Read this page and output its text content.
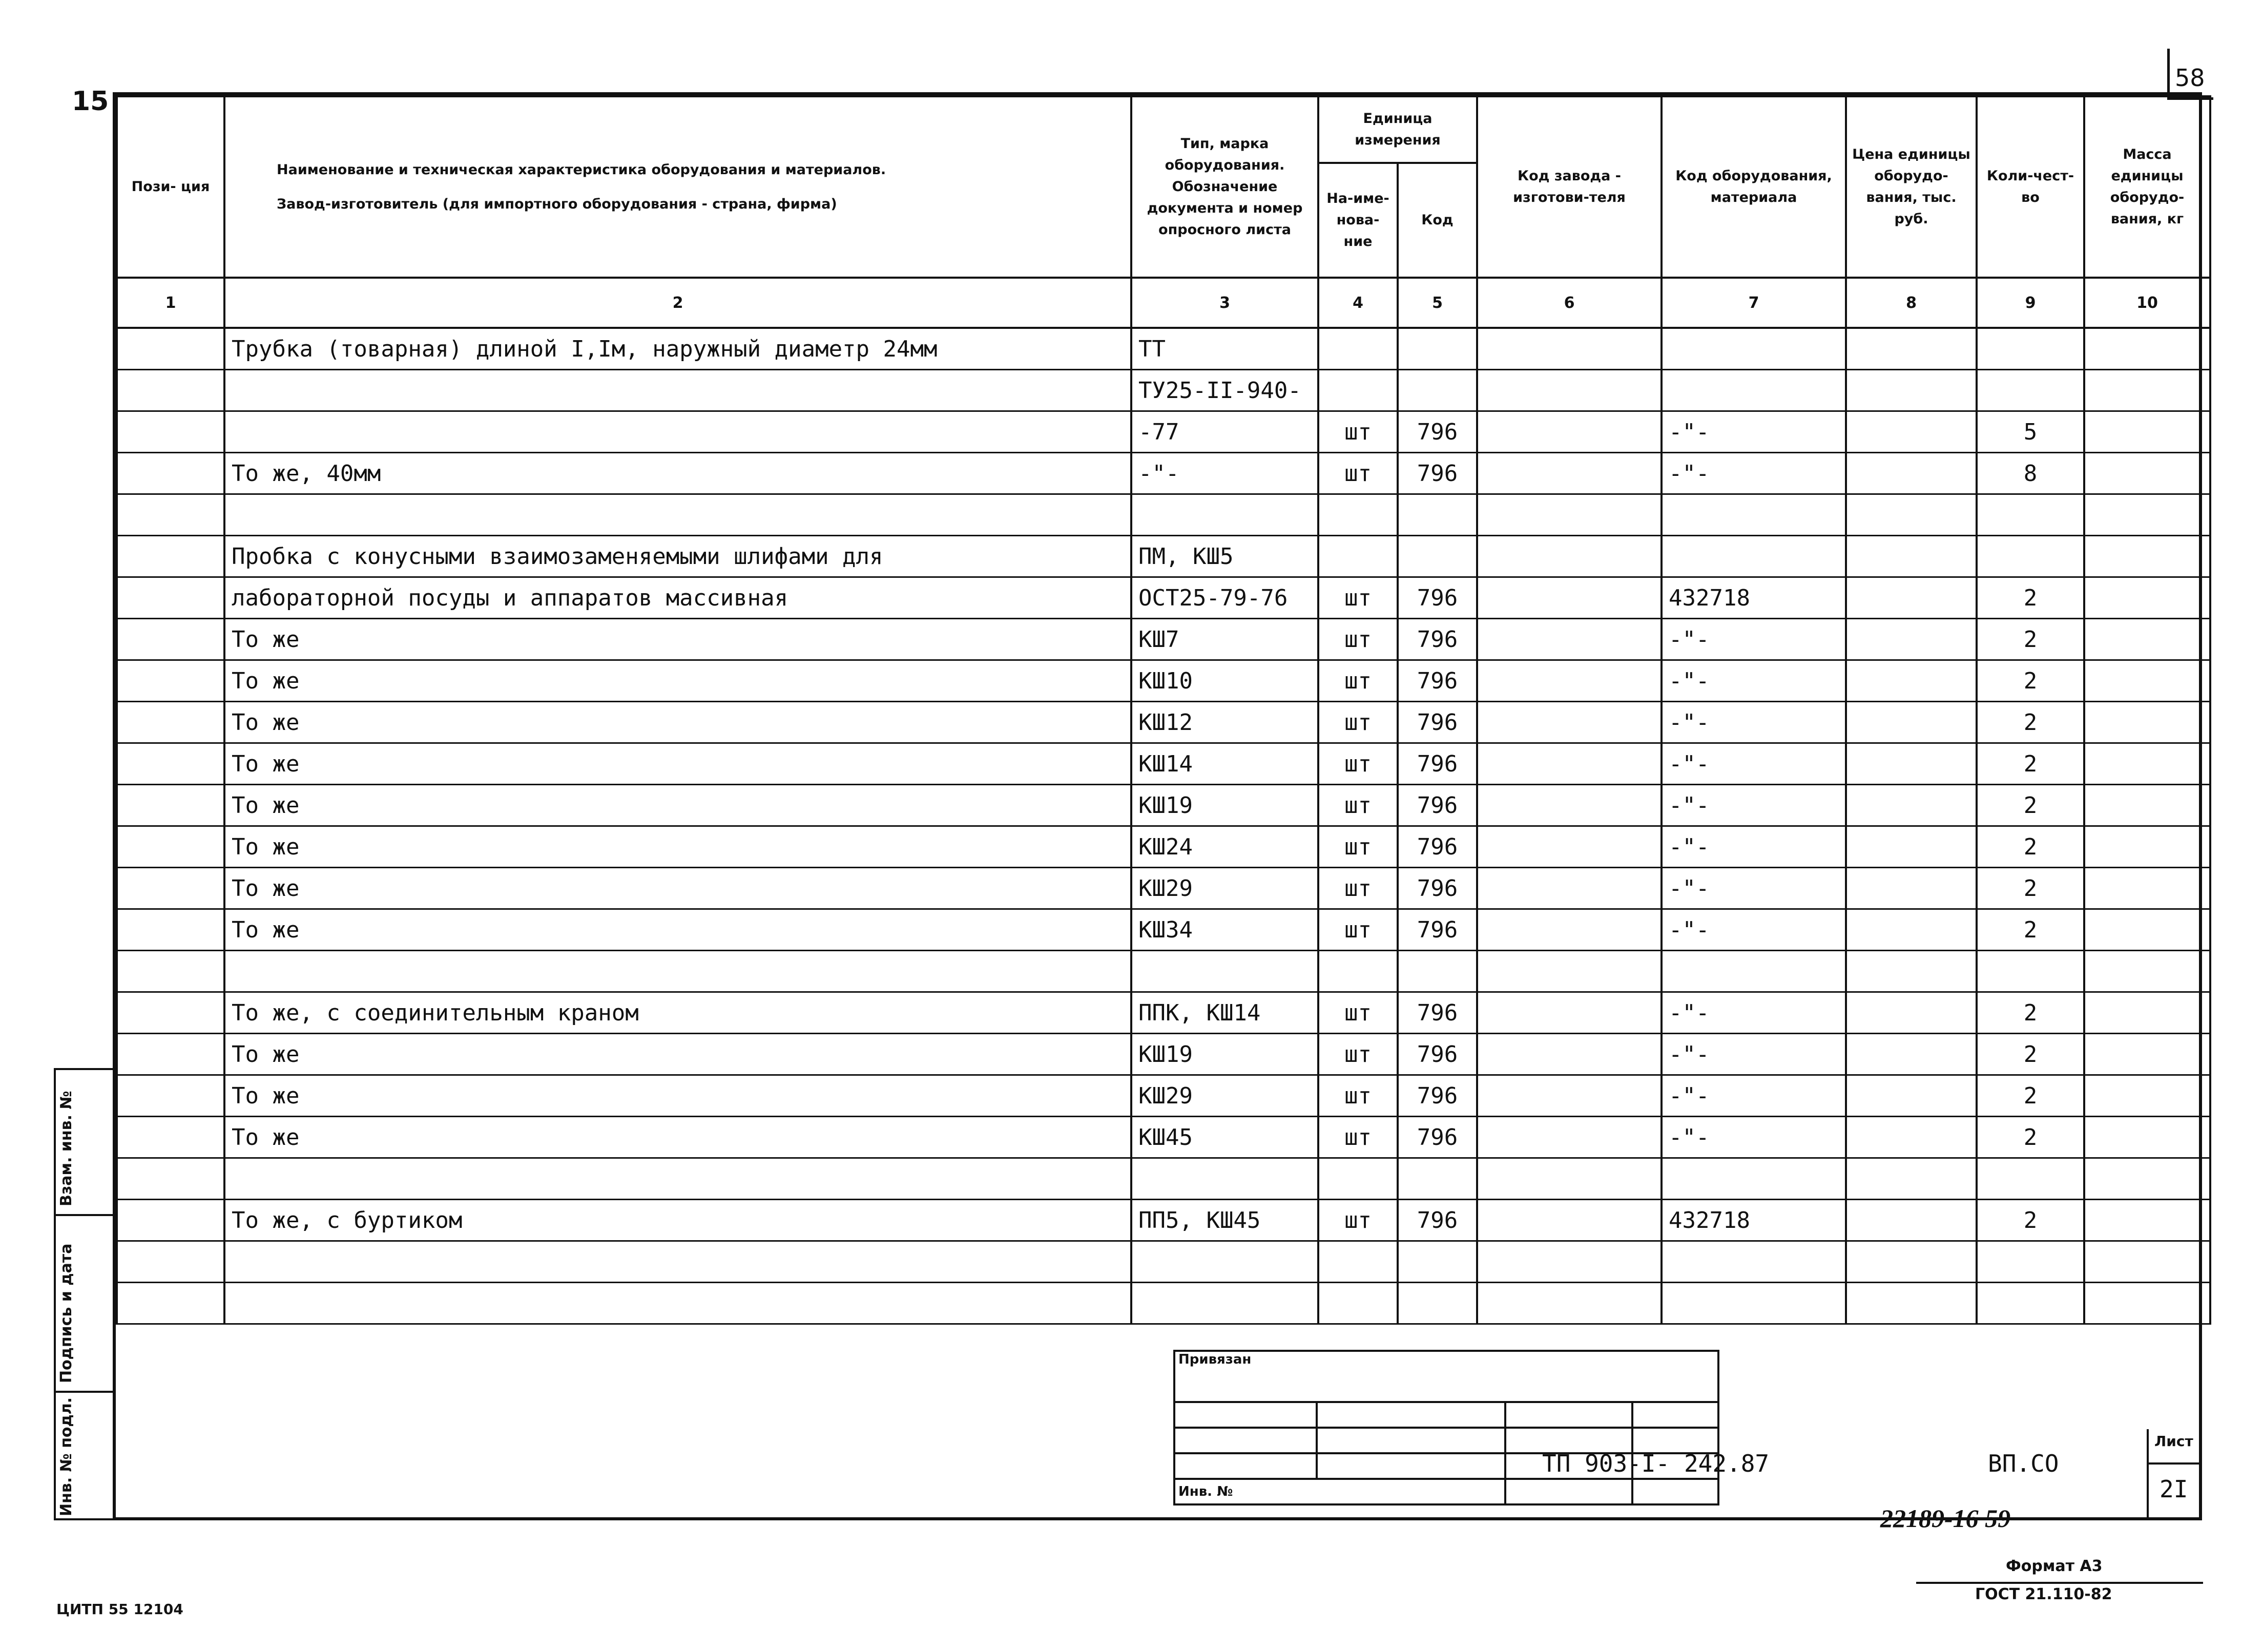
15
58
Пози- ция	Наименование и техническая характеристика оборудования и материалов.
Завод-изготовитель (для импортного оборудования - страна, фирма)	Тип, марка оборудования. Обозначение документа и номер опросного листа	Единица измерения		Код завода - изготови-теля	Код оборудования, материала	Цена единицы оборудо-вания, тыс. руб.	Коли-чест-во	Масса единицы оборудо-вания, кг
			На-име-нова-ние	Код					
1	2	3	4	5	6	7	8	9	10
	Трубка (товарная) длиной I,Iм, наружный диаметр 24мм	ТТ							
		ТУ25-II-940-							
		-77	шт	796		-"-		5	
	То же, 40мм	-"-	шт	796		-"-		8	

	Пробка с конусными взаимозаменяемыми шлифами для	ПМ, КШ5							
	лабораторной посуды и аппаратов массивная	ОСТ25-79-76	шт	796		432718		2	
	То же	КШ7	шт	796		-"-		2	
	То же	КШ10	шт	796		-"-		2	
	То же	КШ12	шт	796		-"-		2	
	То же	КШ14	шт	796		-"-		2	
	То же	КШ19	шт	796		-"-		2	
	То же	КШ24	шт	796		-"-		2	
	То же	КШ29	шт	796		-"-		2	
	То же	КШ34	шт	796		-"-		2	

	То же, с соединительным краном	ППК, КШ14	шт	796		-"-		2	
	То же	КШ19	шт	796		-"-		2	
	То же	КШ29	шт	796		-"-		2	
	То же	КШ45	шт	796		-"-		2	

	То же, с буртиком	ПП5, КШ45	шт	796		432718		2	

Взам. инв. №
Подпись и дата
Инв. № подл.
Привязан			

Инв. №			
ТП 903-I- 242.87	ВП.СО
Лист
2I
22189-16 59
Формат А3
ГОСТ 21.110-82
ЦИТП 55 12104
